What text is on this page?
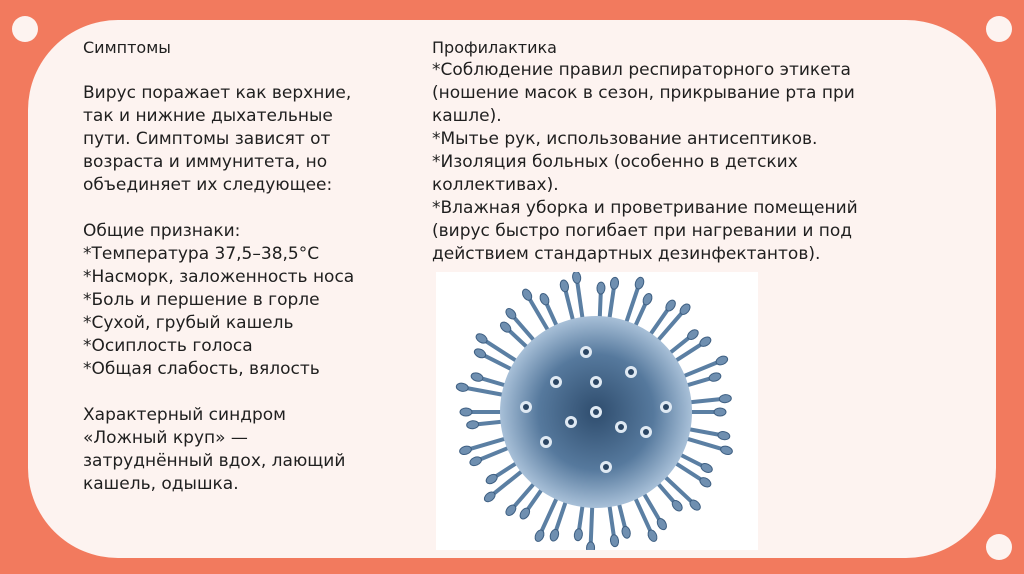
Симптомы
Вирус поражает как верхние,
так и нижние дыхательные
пути. Симптомы зависят от
возраста и иммунитета, но
объединяет их следующее:
Общие признаки:
*Температура 37,5–38,5°C
*Насморк, заложенность носа
*Боль и першение в горле
*Сухой, грубый кашель
*Осиплость голоса
*Общая слабость, вялость
Характерный синдром
«Ложный круп» —
затруднённый вдох, лающий
кашель, одышка.
Профилактика
*Соблюдение правил респираторного этикета
(ношение масок в сезон, прикрывание рта при
кашле).
*Мытье рук, использование антисептиков.
*Изоляция больных (особенно в детских
коллективах).
*Влажная уборка и проветривание помещений
(вирус быстро погибает при нагревании и под
действием стандартных дезинфектантов).
